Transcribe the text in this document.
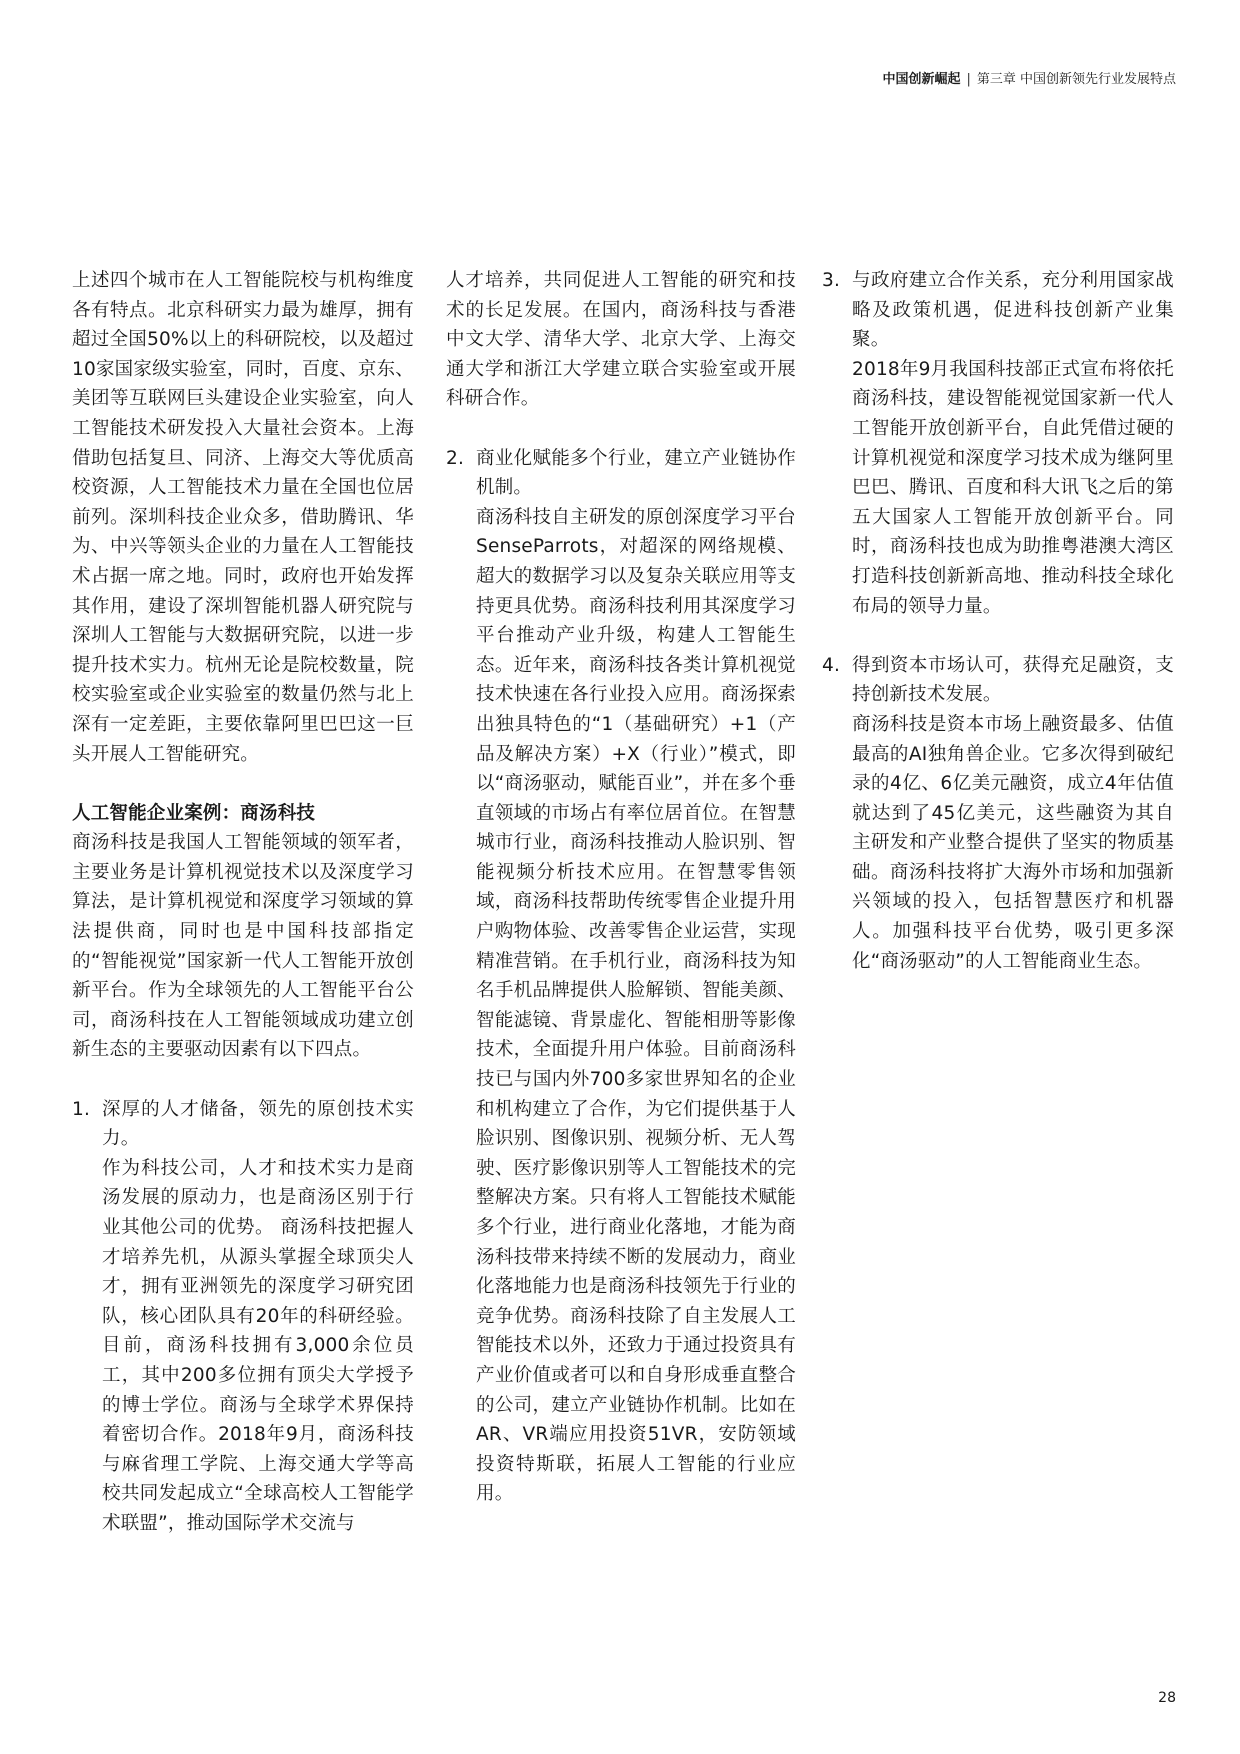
中国创新崛起 | 第三章 中国创新领先行业发展特点

上述四个城市在人工智能院校与机构维度各有特点。北京科研实力最为雄厚，拥有超过全国50%以上的科研院校，以及超过10家国家级实验室，同时，百度、京东、美团等互联网巨头建设企业实验室，向人工智能技术研发投入大量社会资本。上海借助包括复旦、同济、上海交大等优质高校资源，人工智能技术力量在全国也位居前列。深圳科技企业众多，借助腾讯、华为、中兴等领头企业的力量在人工智能技术占据一席之地。同时，政府也开始发挥其作用，建设了深圳智能机器人研究院与深圳人工智能与大数据研究院，以进一步提升技术实力。杭州无论是院校数量，院校实验室或企业实验室的数量仍然与北上深有一定差距，主要依靠阿里巴巴这一巨头开展人工智能研究。

人工智能企业案例：商汤科技

商汤科技是我国人工智能领域的领军者，主要业务是计算机视觉技术以及深度学习算法，是计算机视觉和深度学习领域的算法提供商，同时也是中国科技部指定的“智能视觉”国家新一代人工智能开放创新平台。作为全球领先的人工智能平台公司，商汤科技在人工智能领域成功建立创新生态的主要驱动因素有以下四点。

1. 深厚的人才储备，领先的原创技术实力。

作为科技公司，人才和技术实力是商汤发展的原动力，也是商汤区别于行业其他公司的优势。 商汤科技把握人才培养先机，从源头掌握全球顶尖人才，拥有亚洲领先的深度学习研究团队，核心团队具有20年的科研经验。目前，商汤科技拥有3,000余位员工，其中200多位拥有顶尖大学授予的博士学位。商汤与全球学术界保持着密切合作。2018年9月，商汤科技与麻省理工学院、上海交通大学等高校共同发起成立“全球高校人工智能学术联盟”，推动国际学术交流与

人才培养，共同促进人工智能的研究和技术的长足发展。在国内，商汤科技与香港中文大学、清华大学、北京大学、上海交通大学和浙江大学建立联合实验室或开展科研合作。

2. 商业化赋能多个行业，建立产业链协作机制。

商汤科技自主研发的原创深度学习平台SenseParrots，对超深的网络规模、超大的数据学习以及复杂关联应用等支持更具优势。商汤科技利用其深度学习平台推动产业升级，构建人工智能生态。近年来，商汤科技各类计算机视觉技术快速在各行业投入应用。商汤探索出独具特色的“1（基础研究）+1（产品及解决方案）+X（行业）”模式，即以“商汤驱动，赋能百业”，并在多个垂直领域的市场占有率位居首位。在智慧城市行业，商汤科技推动人脸识别、智能视频分析技术应用。在智慧零售领域，商汤科技帮助传统零售企业提升用户购物体验、改善零售企业运营，实现精准营销。在手机行业，商汤科技为知名手机品牌提供人脸解锁、智能美颜、智能滤镜、背景虚化、智能相册等影像技术，全面提升用户体验。目前商汤科技已与国内外700多家世界知名的企业和机构建立了合作，为它们提供基于人脸识别、图像识别、视频分析、无人驾驶、医疗影像识别等人工智能技术的完整解决方案。只有将人工智能技术赋能多个行业，进行商业化落地，才能为商汤科技带来持续不断的发展动力，商业化落地能力也是商汤科技领先于行业的竞争优势。商汤科技除了自主发展人工智能技术以外，还致力于通过投资具有产业价值或者可以和自身形成垂直整合的公司，建立产业链协作机制。比如在AR、VR端应用投资51VR，安防领域投资特斯联，拓展人工智能的行业应用。

3. 与政府建立合作关系，充分利用国家战略及政策机遇，促进科技创新产业集聚。

2018年9月我国科技部正式宣布将依托商汤科技，建设智能视觉国家新一代人工智能开放创新平台，自此凭借过硬的计算机视觉和深度学习技术成为继阿里巴巴、腾讯、百度和科大讯飞之后的第五大国家人工智能开放创新平台。同时，商汤科技也成为助推粤港澳大湾区打造科技创新新高地、推动科技全球化布局的领导力量。

4. 得到资本市场认可，获得充足融资，支持创新技术发展。

商汤科技是资本市场上融资最多、估值最高的AI独角兽企业。它多次得到破纪录的4亿、6亿美元融资，成立4年估值就达到了45亿美元，这些融资为其自主研发和产业整合提供了坚实的物质基础。商汤科技将扩大海外市场和加强新兴领域的投入，包括智慧医疗和机器人。加强科技平台优势，吸引更多深化“商汤驱动”的人工智能商业生态。

28
